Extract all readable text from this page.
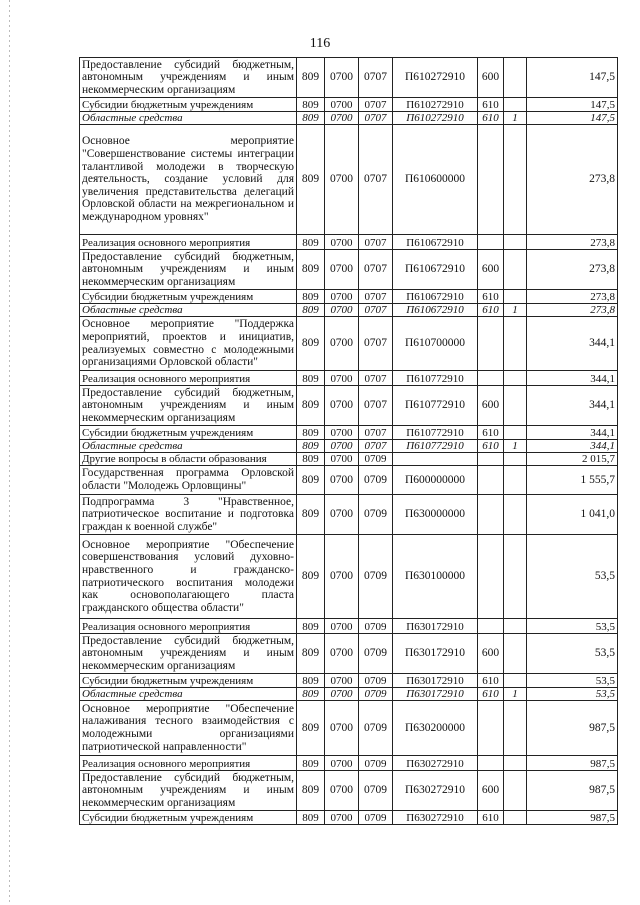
116
Предоставление субсидий бюджетным, автономным учреждениям и иным некоммерческим организациям	809	0700	0707	П610272910	600		147,5
Субсидии бюджетным учреждениям	809	0700	0707	П610272910	610		147,5
Областные средства	809	0700	0707	П610272910	610	1	147,5
Основное мероприятие "Совершенствование системы интеграции талантливой молодежи в творческую деятельность, создание условий для увеличения представительства делегаций Орловской области на межрегиональном и международном уровнях"	809	0700	0707	П610600000			273,8
Реализация основного мероприятия	809	0700	0707	П610672910			273,8
Предоставление субсидий бюджетным, автономным учреждениям и иным некоммерческим организациям	809	0700	0707	П610672910	600		273,8
Субсидии бюджетным учреждениям	809	0700	0707	П610672910	610		273,8
Областные средства	809	0700	0707	П610672910	610	1	273,8
Основное мероприятие "Поддержка мероприятий, проектов и инициатив, реализуемых совместно с молодежными организациями Орловской области"	809	0700	0707	П610700000			344,1
Реализация основного мероприятия	809	0700	0707	П610772910			344,1
Предоставление субсидий бюджетным, автономным учреждениям и иным некоммерческим организациям	809	0700	0707	П610772910	600		344,1
Субсидии бюджетным учреждениям	809	0700	0707	П610772910	610		344,1
Областные средства	809	0700	0707	П610772910	610	1	344,1
Другие вопросы в области образования	809	0700	0709				2 015,7
Государственная программа Орловской области "Молодежь Орловщины"	809	0700	0709	П600000000			1 555,7
Подпрограмма 3 "Нравственное, патриотическое воспитание и подготовка граждан к военной службе"	809	0700	0709	П630000000			1 041,0
Основное мероприятие "Обеспечение совершенствования условий духовно-нравственного и гражданско-патриотического воспитания молодежи как основополагающего пласта гражданского общества области"	809	0700	0709	П630100000			53,5
Реализация основного мероприятия	809	0700	0709	П630172910			53,5
Предоставление субсидий бюджетным, автономным учреждениям и иным некоммерческим организациям	809	0700	0709	П630172910	600		53,5
Субсидии бюджетным учреждениям	809	0700	0709	П630172910	610		53,5
Областные средства	809	0700	0709	П630172910	610	1	53,5
Основное мероприятие "Обеспечение налаживания тесного взаимодействия с молодежными организациями патриотической направленности"	809	0700	0709	П630200000			987,5
Реализация основного мероприятия	809	0700	0709	П630272910			987,5
Предоставление субсидий бюджетным, автономным учреждениям и иным некоммерческим организациям	809	0700	0709	П630272910	600		987,5
Субсидии бюджетным учреждениям	809	0700	0709	П630272910	610		987,5
